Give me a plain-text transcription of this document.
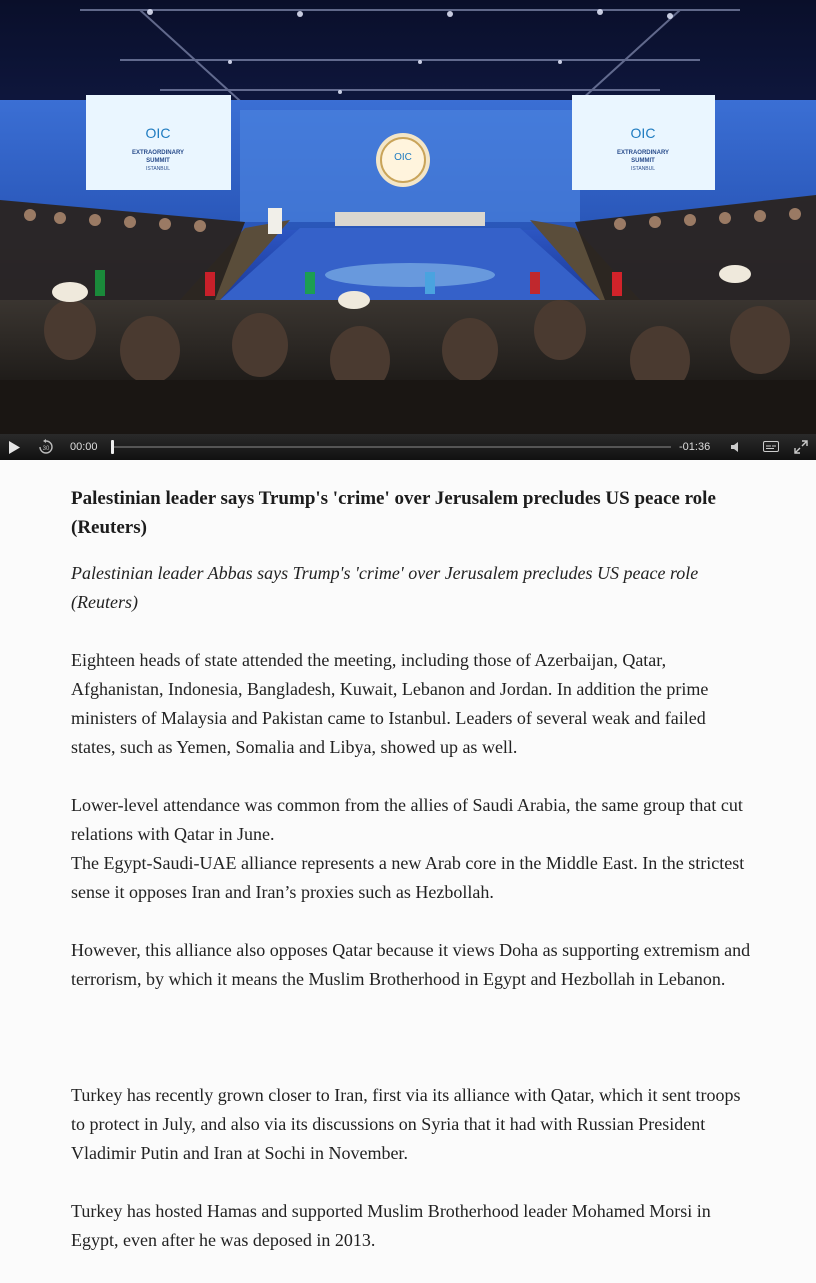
OIC
EXTRAORDINARY
SUMMIT
ISTANBUL
OIC
EXTRAORDINARY
SUMMIT
ISTANBUL
OIC
30 00:00	-01:36
Palestinian leader says Trump's 'crime' over Jerusalem precludes US peace role (Reuters)

Palestinian leader Abbas says Trump's 'crime' over Jerusalem precludes US peace role (Reuters)

Eighteen heads of state attended the meeting, including those of Azerbaijan, Qatar, Afghanistan, Indonesia, Bangladesh, Kuwait, Lebanon and Jordan. In addition the prime ministers of Malaysia and Pakistan came to Istanbul. Leaders of several weak and failed states, such as Yemen, Somalia and Libya, showed up as well.

Lower-level attendance was common from the allies of Saudi Arabia, the same group that cut relations with Qatar in June.

The Egypt-Saudi-UAE alliance represents a new Arab core in the Middle East. In the strictest sense it opposes Iran and Iran’s proxies such as Hezbollah.

However, this alliance also opposes Qatar because it views Doha as supporting extremism and terrorism, by which it means the Muslim Brotherhood in Egypt and Hezbollah in Lebanon.

Turkey has recently grown closer to Iran, first via its alliance with Qatar, which it sent troops to protect in July, and also via its discussions on Syria that it had with Russian President Vladimir Putin and Iran at Sochi in November.

Turkey has hosted Hamas and supported Muslim Brotherhood leader Mohamed Morsi in Egypt, even after he was deposed in 2013.
